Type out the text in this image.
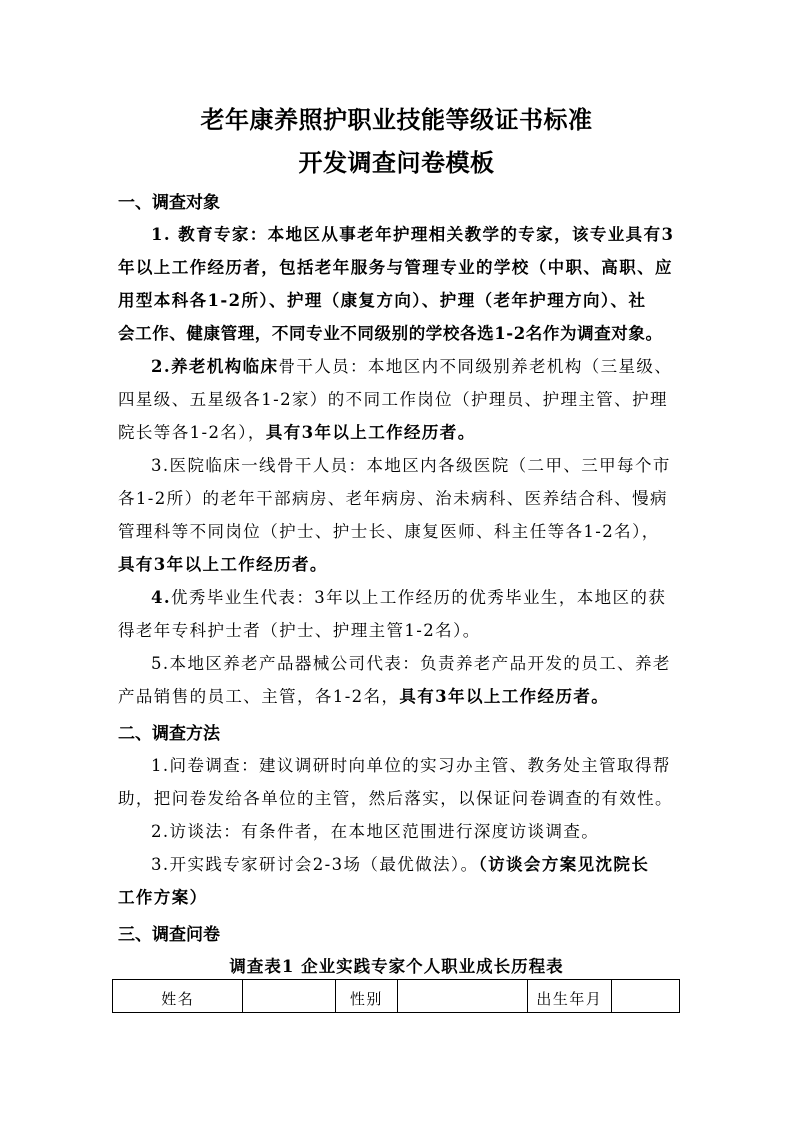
老年康养照护职业技能等级证书标准
开发调查问卷模板
一、调查对象
1. 教育专家：本地区从事老年护理相关教学的专家，该专业具有3
年以上工作经历者，包括老年服务与管理专业的学校（中职、高职、应
用型本科各1-2所）、护理（康复方向）、护理（老年护理方向）、社
会工作、健康管理，不同专业不同级别的学校各选1-2名作为调查对象。
2.养老机构临床骨干人员：本地区内不同级别养老机构（三星级、
四星级、五星级各1-2家）的不同工作岗位（护理员、护理主管、护理
院长等各1-2名），具有3年以上工作经历者。
3.医院临床一线骨干人员：本地区内各级医院（二甲、三甲每个市
各1-2所）的老年干部病房、老年病房、治未病科、医养结合科、慢病
管理科等不同岗位（护士、护士长、康复医师、科主任等各1-2名），
具有3年以上工作经历者。
4.优秀毕业生代表：3年以上工作经历的优秀毕业生，本地区的获
得老年专科护士者（护士、护理主管1-2名）。
5.本地区养老产品器械公司代表：负责养老产品开发的员工、养老
产品销售的员工、主管，各1-2名，具有3年以上工作经历者。
二、调查方法
1.问卷调查：建议调研时向单位的实习办主管、教务处主管取得帮
助，把问卷发给各单位的主管，然后落实，以保证问卷调查的有效性。
2.访谈法：有条件者，在本地区范围进行深度访谈调查。
3.开实践专家研讨会2-3场（最优做法）。（访谈会方案见沈院长
工作方案）
三、调查问卷
调查表1 企业实践专家个人职业成长历程表
姓名		性别		出生年月	
